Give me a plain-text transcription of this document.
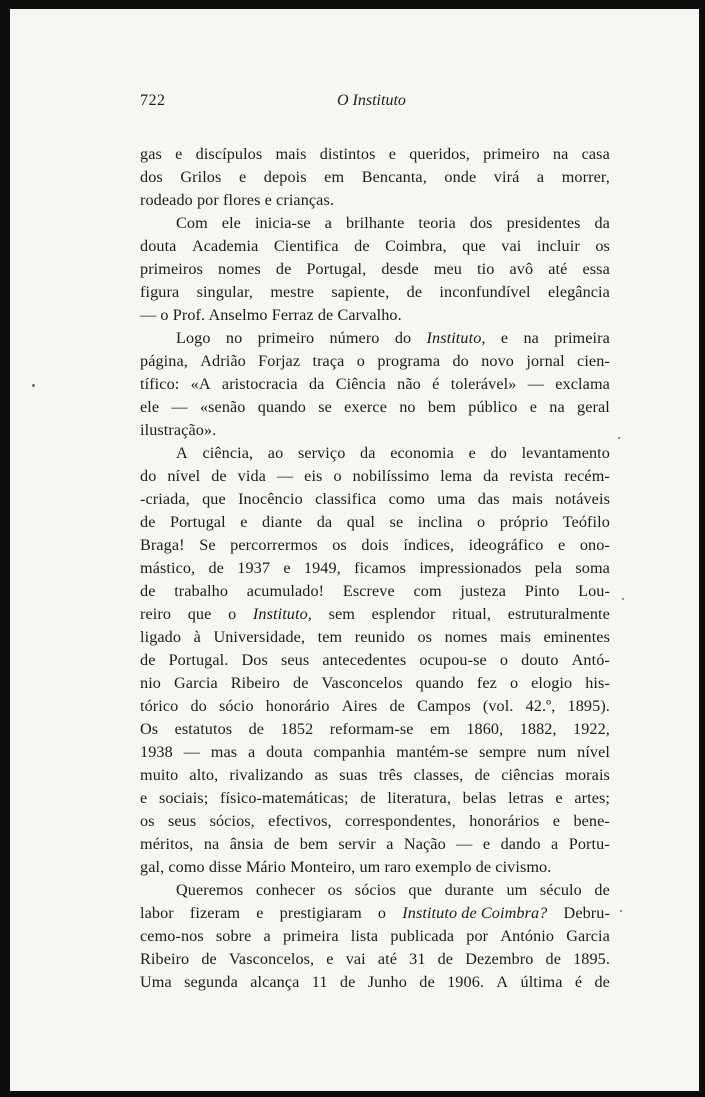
722	O Instituto
gas e discípulos mais distintos e queridos, primeiro na casa
dos Grilos e depois em Bencanta, onde virá a morrer,
rodeado por flores e crianças.
Com ele inicia-se a brilhante teoria dos presidentes da
douta Academia Cientifica de Coimbra, que vai incluir os
primeiros nomes de Portugal, desde meu tio avô até essa
figura singular, mestre sapiente, de inconfundível elegância
— o Prof. Anselmo Ferraz de Carvalho.
Logo no primeiro número do Instituto, e na primeira
página, Adrião Forjaz traça o programa do novo jornal cien-
tífico: «A aristocracia da Ciência não é tolerável» — exclama
ele — «senão quando se exerce no bem público e na geral
ilustração».
A ciência, ao serviço da economia e do levantamento
do nível de vida — eis o nobilíssimo lema da revista recém-
-criada, que Inocêncio classifica como uma das mais notáveis
de Portugal e diante da qual se inclina o próprio Teófilo
Braga! Se percorrermos os dois índices, ideográfico e ono-
mástico, de 1937 e 1949, ficamos impressionados pela soma
de trabalho acumulado! Escreve com justeza Pinto Lou-
reiro que o Instituto, sem esplendor ritual, estruturalmente
ligado à Universidade, tem reunido os nomes mais eminentes
de Portugal. Dos seus antecedentes ocupou-se o douto Antó-
nio Garcia Ribeiro de Vasconcelos quando fez o elogio his-
tórico do sócio honorário Aires de Campos (vol. 42.º, 1895).
Os estatutos de 1852 reformam-se em 1860, 1882, 1922,
1938 — mas a douta companhia mantém-se sempre num nível
muito alto, rivalizando as suas três classes, de ciências morais
e sociais; físico-matemáticas; de literatura, belas letras e artes;
os seus sócios, efectivos, correspondentes, honorários e bene-
méritos, na ânsia de bem servir a Nação — e dando a Portu-
gal, como disse Mário Monteiro, um raro exemplo de civismo.
Queremos conhecer os sócios que durante um século de
labor fizeram e prestigiaram o Instituto de Coimbra? Debru-
cemo-nos sobre a primeira lista publicada por António Garcia
Ribeiro de Vasconcelos, e vai até 31 de Dezembro de 1895.
Uma segunda alcança 11 de Junho de 1906. A última é de
